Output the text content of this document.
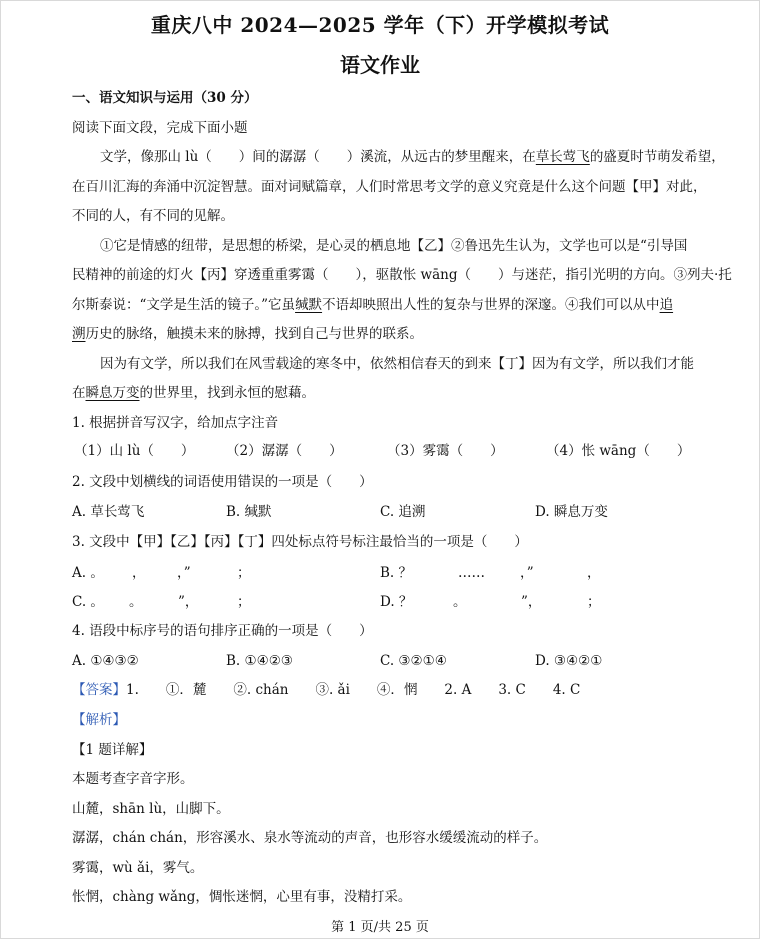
重庆八中 2024—2025 学年（下）开学模拟考试
语文作业
一、语文知识与运用（30 分）
阅读下面文段，完成下面小题
文学，像那山 lù（　　）间的潺潺（　　）溪流，从远古的梦里醒来，在草长莺飞的盛夏时节萌发希望，
在百川汇海的奔涌中沉淀智慧。面对词赋篇章，人们时常思考文学的意义究竟是什么这个问题【甲】对此，
不同的人，有不同的见解。
①它是情感的纽带，是思想的桥梁，是心灵的栖息地【乙】②鲁迅先生认为，文学也可以是“引导国
民精神的前途的灯火【丙】穿透重重雾霭（　　），驱散怅 wāng（　　）与迷茫，指引光明的方向。③列夫·托
尔斯泰说：“文学是生活的镜子。”它虽缄默不语却映照出人性的复杂与世界的深邃。④我们可以从中追
溯历史的脉络，触摸未来的脉搏，找到自己与世界的联系。
因为有文学，所以我们在风雪载途的寒冬中，依然相信春天的到来【丁】因为有文学，所以我们才能
在瞬息万变的世界里，找到永恒的慰藉。
1. 根据拼音写汉字，给加点字注音
（1）山 lù（　　） （2）潺潺（　　）	（3）雾霭（　　）	（4）怅 wāng（　　）
2. 文段中划横线的词语使用错误的一项是（　　）
A. 草长莺飞	B. 缄默	C. 追溯	D. 瞬息万变
3. 文段中【甲】【乙】【丙】【丁】四处标点符号标注最恰当的一项是（　　）
A. 。 ， ，”	；	B. ？	……	，”	，
C. 。 。	”，	；	D. ？	。	”，	；
4. 语段中标序号的语句排序正确的一项是（　　）
A. ①④③②	B. ①④②③	C. ③②①④	D. ③④②①
【答案】1.　　①．麓　　②. chán　　③. ǎi　　④．惘　　2. A　　3. C　　4. C
【解析】
【1 题详解】
本题考查字音字形。
山麓，shān lù，山脚下。
潺潺，chán chán，形容溪水、泉水等流动的声音，也形容水缓缓流动的样子。
雾霭，wù ǎi，雾气。
怅惘，chàng wǎng，惆怅迷惘，心里有事，没精打采。
第 1 页/共 25 页
